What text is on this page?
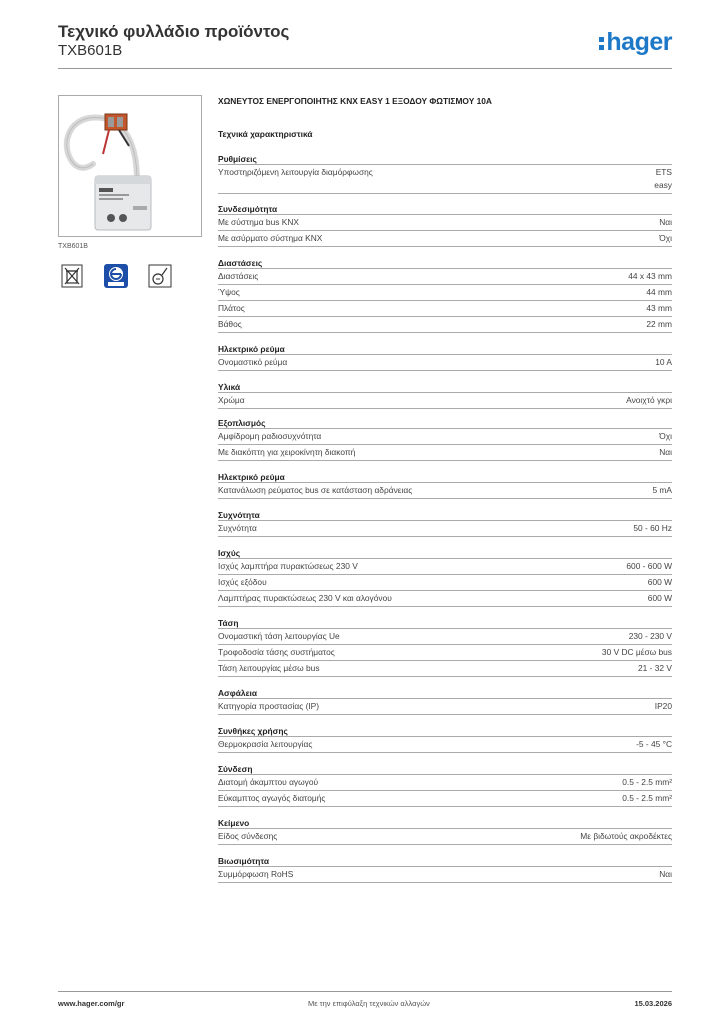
Τεχνικό φυλλάδιο προϊόντος
TXB601B	hager
TXB601B
ΧΩΝΕΥΤΟΣ ΕΝΕΡΓΟΠΟΙΗΤΗΣ KNX EASY 1 ΕΞΟΔΟΥ ΦΩΤΙΣΜΟΥ 10A
Τεχνικά χαρακτηριστικά
Ρυθμίσεις
Υποστηριζόμενη λειτουργία διαμόρφωσης	ETS
easy
Συνδεσιμότητα
Με σύστημα bus KNX	Ναι
Με ασύρματο σύστημα KNX	Όχι
Διαστάσεις
Διαστάσεις	44 x 43 mm
Ύψος	44 mm
Πλάτος	43 mm
Βάθος	22 mm
Ηλεκτρικό ρεύμα
Ονομαστικό ρεύμα	10 A
Υλικά
Χρώμα	Ανοιχτό γκρι
Εξοπλισμός
Αμφίδρομη ραδιοσυχνότητα	Όχι
Με διακόπτη για χειροκίνητη διακοπή	Ναι
Ηλεκτρικό ρεύμα
Κατανάλωση ρεύματος bus σε κατάσταση αδράνειας	5 mA
Συχνότητα
Συχνότητα	50 - 60 Hz
Ισχύς
Ισχύς λαμπτήρα πυρακτώσεως 230 V	600 - 600 W
Ισχύς εξόδου	600 W
Λαμπτήρας πυρακτώσεως 230 V και αλογόνου	600 W
Τάση
Ονομαστική τάση λειτουργίας Ue	230 - 230 V
Τροφοδοσία τάσης συστήματος	30 V DC μέσω bus
Τάση λειτουργίας μέσω bus	21 - 32 V
Ασφάλεια
Κατηγορία προστασίας (IP)	IP20
Συνθήκες χρήσης
Θερμοκρασία λειτουργίας	-5 - 45 °C
Σύνδεση
Διατομή άκαμπτου αγωγού	0.5 - 2.5 mm²
Εύκαμπτος αγωγός διατομής	0.5 - 2.5 mm²
Κείμενο
Είδος σύνδεσης	Με βιδωτούς ακροδέκτες
Βιωσιμότητα
Συμμόρφωση RoHS	Ναι
www.hager.com/gr	Με την επιφύλαξη τεχνικών αλλαγών	15.03.2026
